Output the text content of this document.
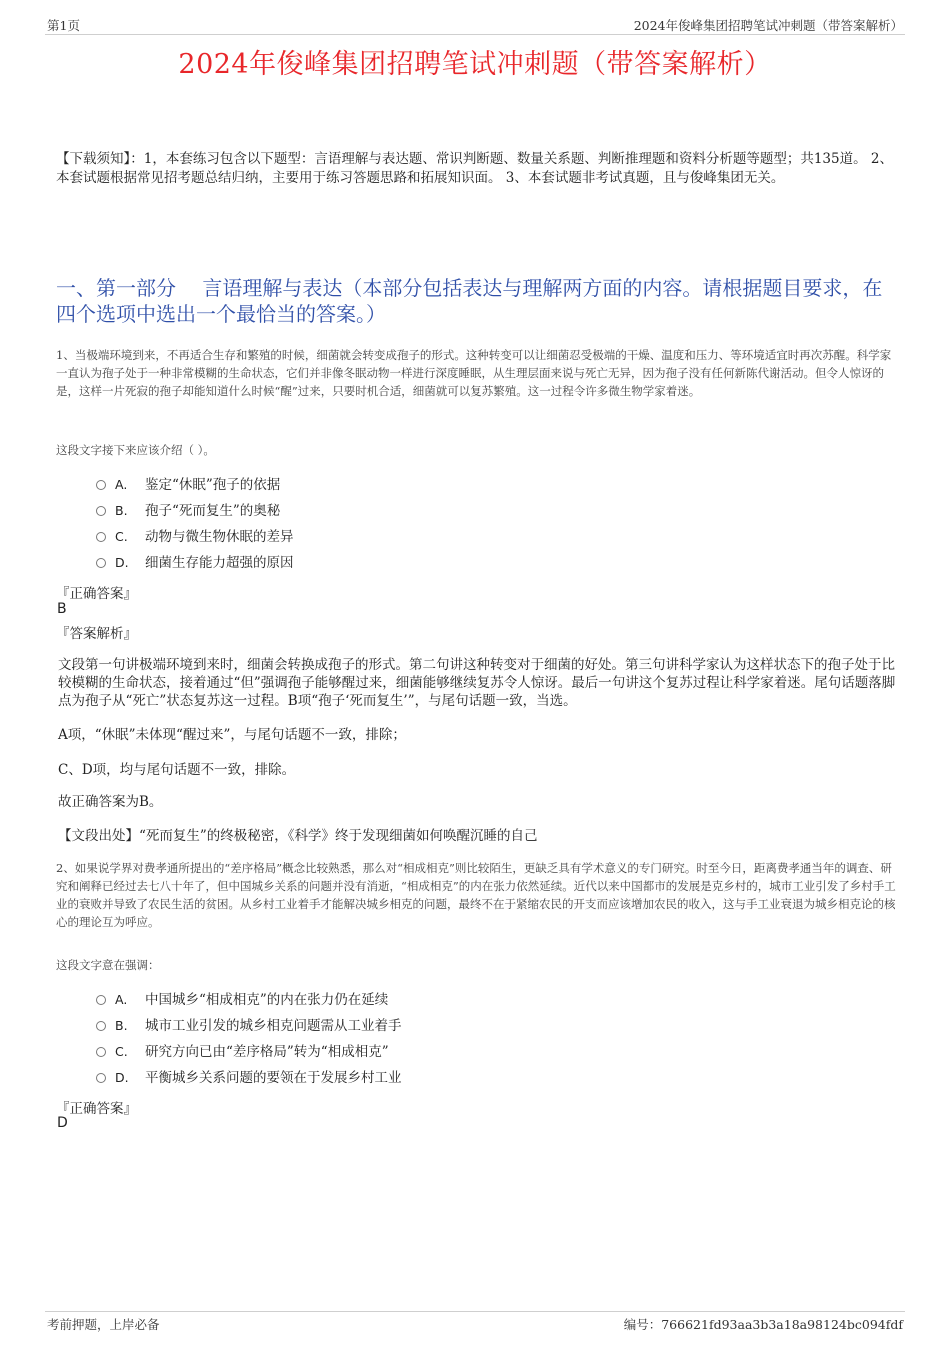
第1页	2024年俊峰集团招聘笔试冲刺题（带答案解析）
2024年俊峰集团招聘笔试冲刺题（带答案解析）
【下载须知】：1，本套练习包含以下题型：言语理解与表达题、常识判断题、数量关系题、判断推理题和资料分析题等题型；共135道。 2、本套试题根据常见招考题总结归纳，主要用于练习答题思路和拓展知识面。 3、本套试题非考试真题，且与俊峰集团无关。
一、第一部分　 言语理解与表达（本部分包括表达与理解两方面的内容。请根据题目要求，在四个选项中选出一个最恰当的答案。）
1、当极端环境到来，不再适合生存和繁殖的时候，细菌就会转变成孢子的形式。这种转变可以让细菌忍受极端的干燥、温度和压力、等环境适宜时再次苏醒。科学家一直认为孢子处于一种非常模糊的生命状态，它们并非像冬眠动物一样进行深度睡眠，从生理层面来说与死亡无异，因为孢子没有任何新陈代谢活动。但令人惊讶的是，这样一片死寂的孢子却能知道什么时候“醒”过来，只要时机合适，细菌就可以复苏繁殖。这一过程令许多微生物学家着迷。
这段文字接下来应该介绍（ ）。
A. 鉴定“休眠”孢子的依据
B. 孢子“死而复生”的奥秘
C. 动物与微生物休眠的差异
D. 细菌生存能力超强的原因
『正确答案』
B
『答案解析』
文段第一句讲极端环境到来时，细菌会转换成孢子的形式。第二句讲这种转变对于细菌的好处。第三句讲科学家认为这样状态下的孢子处于比较模糊的生命状态，接着通过“但”强调孢子能够醒过来，细菌能够继续复苏令人惊讶。最后一句讲这个复苏过程让科学家着迷。尾句话题落脚点为孢子从“死亡”状态复苏这一过程。B项“孢子‘死而复生’”，与尾句话题一致，当选。
A项，“休眠”未体现“醒过来”，与尾句话题不一致，排除；
C、D项，均与尾句话题不一致，排除。
故正确答案为B。
【文段出处】“死而复生”的终极秘密，《科学》终于发现细菌如何唤醒沉睡的自己
2、如果说学界对费孝通所提出的“差序格局”概念比较熟悉，那么对“相成相克”则比较陌生，更缺乏具有学术意义的专门研究。时至今日，距离费孝通当年的调查、研究和阐释已经过去七八十年了，但中国城乡关系的问题并没有消逝，“相成相克”的内在张力依然延续。近代以来中国都市的发展是克乡村的，城市工业引发了乡村手工业的衰败并导致了农民生活的贫困。从乡村工业着手才能解决城乡相克的问题，最终不在于紧缩农民的开支而应该增加农民的收入，这与手工业衰退为城乡相克论的核心的理论互为呼应。
这段文字意在强调：
A. 中国城乡“相成相克”的内在张力仍在延续
B. 城市工业引发的城乡相克问题需从工业着手
C. 研究方向已由“差序格局”转为“相成相克”
D. 平衡城乡关系问题的要领在于发展乡村工业
『正确答案』
D
考前押题，上岸必备	编号：766621fd93aa3b3a18a98124bc094fdf
